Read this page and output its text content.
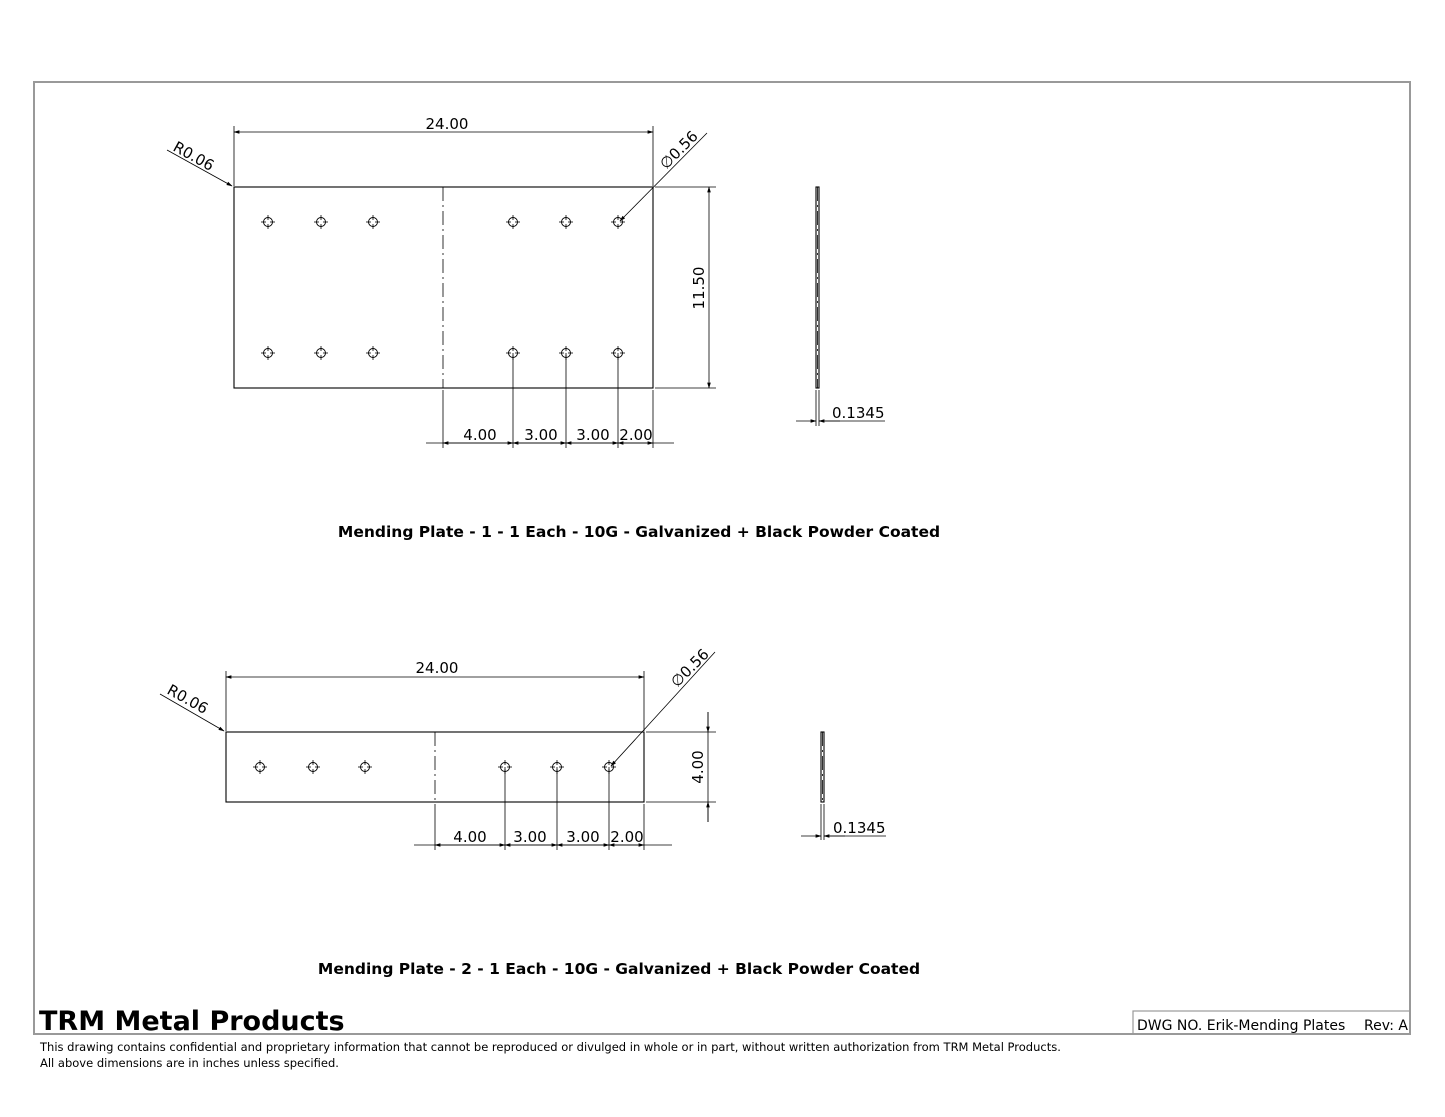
24.00
R0.06	∅0.56
11.50
4.00 3.00 3.00 2.00
0.1345
Mending Plate - 1 - 1 Each - 10G - Galvanized + Black Powder Coated
24.00
R0.06
∅0.56
4.00
4.00 3.00 3.00 2.00	0.1345
Mending Plate - 2 - 1 Each - 10G - Galvanized + Black Powder Coated
TRM Metal Products	DWG NO. Erik-Mending Plates Rev: A
This drawing contains confidential and proprietary information that cannot be reproduced or divulged in whole or in part, without written authorization from TRM Metal Products.
All above dimensions are in inches unless specified.
